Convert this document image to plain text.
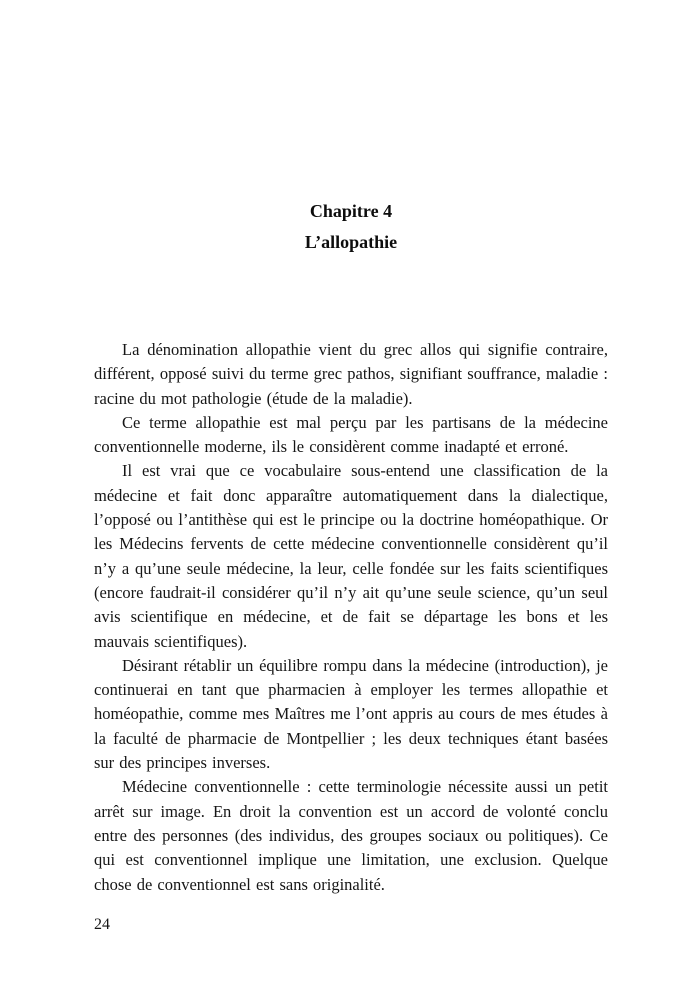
Chapitre 4
L’allopathie

La dénomination allopathie vient du grec allos qui signifie contraire, différent, opposé suivi du terme grec pathos, signifiant souffrance, maladie : racine du mot pathologie (étude de la maladie).

Ce terme allopathie est mal perçu par les partisans de la médecine conventionnelle moderne, ils le considèrent comme inadapté et erroné.

Il est vrai que ce vocabulaire sous-entend une classification de la médecine et fait donc apparaître automatiquement dans la dialectique, l’opposé ou l’antithèse qui est le principe ou la doctrine homéopathique. Or les Médecins fervents de cette médecine conventionnelle considèrent qu’il n’y a qu’une seule médecine, la leur, celle fondée sur les faits scientifiques (encore faudrait-il considérer qu’il n’y ait qu’une seule science, qu’un seul avis scientifique en médecine, et de fait se départage les bons et les mauvais scientifiques).

Désirant rétablir un équilibre rompu dans la médecine (introduction), je continuerai en tant que pharmacien à employer les termes allopathie et homéopathie, comme mes Maîtres me l’ont appris au cours de mes études à la faculté de pharmacie de Montpellier ; les deux techniques étant basées sur des principes inverses.

Médecine conventionnelle : cette terminologie nécessite aussi un petit arrêt sur image. En droit la convention est un accord de volonté conclu entre des personnes (des individus, des groupes sociaux ou politiques). Ce qui est conventionnel implique une limitation, une exclusion. Quelque chose de conventionnel est sans originalité.

24
